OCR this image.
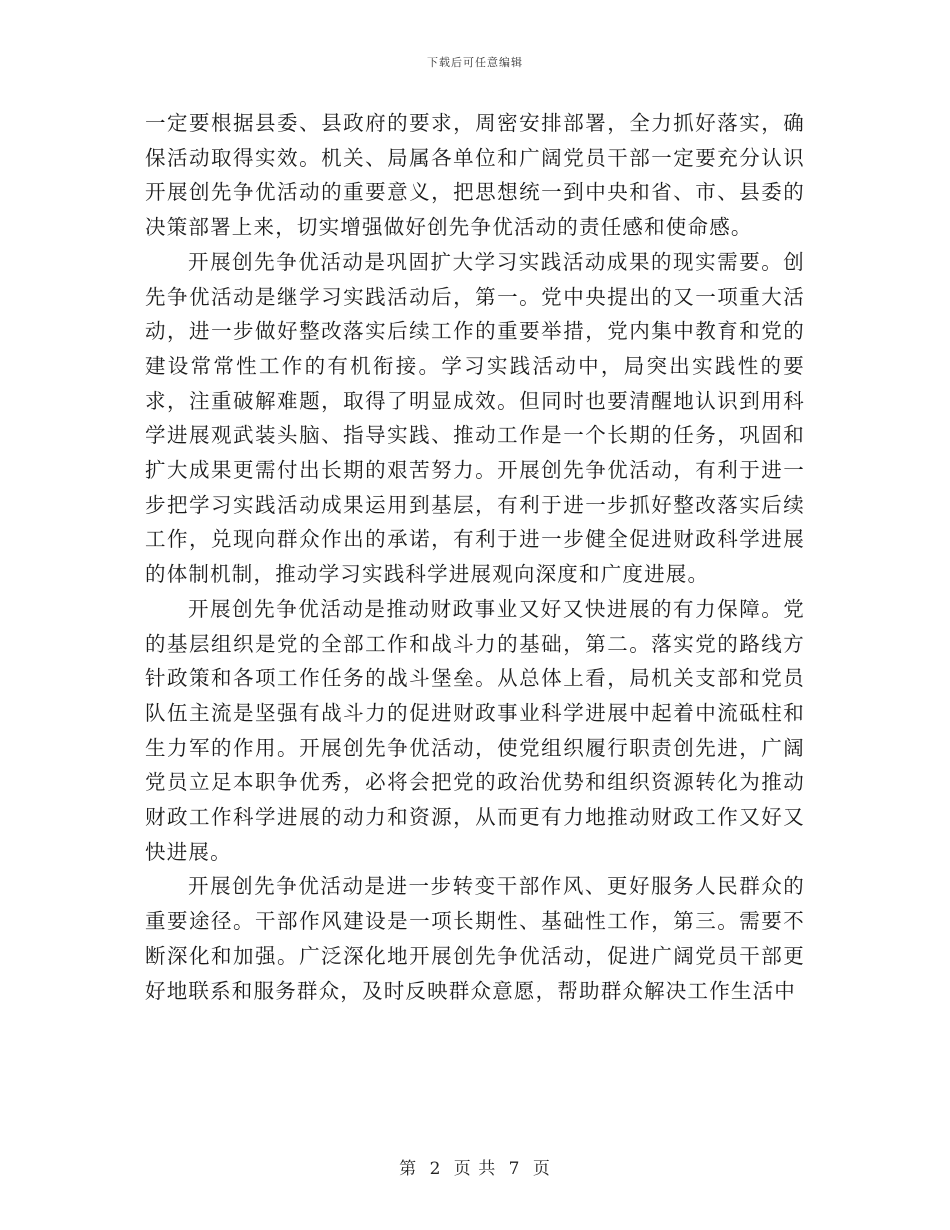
下载后可任意编辑

一定要根据县委、县政府的要求，周密安排部署，全力抓好落实，确保活动取得实效。机关、局属各单位和广阔党员干部一定要充分认识开展创先争优活动的重要意义，把思想统一到中央和省、市、县委的决策部署上来，切实增强做好创先争优活动的责任感和使命感。

开展创先争优活动是巩固扩大学习实践活动成果的现实需要。创先争优活动是继学习实践活动后，第一。党中央提出的又一项重大活动，进一步做好整改落实后续工作的重要举措，党内集中教育和党的建设常常性工作的有机衔接。学习实践活动中，局突出实践性的要求，注重破解难题，取得了明显成效。但同时也要清醒地认识到用科学进展观武装头脑、指导实践、推动工作是一个长期的任务，巩固和扩大成果更需付出长期的艰苦努力。开展创先争优活动，有利于进一步把学习实践活动成果运用到基层，有利于进一步抓好整改落实后续工作，兑现向群众作出的承诺，有利于进一步健全促进财政科学进展的体制机制，推动学习实践科学进展观向深度和广度进展。

开展创先争优活动是推动财政事业又好又快进展的有力保障。党的基层组织是党的全部工作和战斗力的基础，第二。落实党的路线方针政策和各项工作任务的战斗堡垒。从总体上看，局机关支部和党员队伍主流是坚强有战斗力的促进财政事业科学进展中起着中流砥柱和生力军的作用。开展创先争优活动，使党组织履行职责创先进，广阔党员立足本职争优秀，必将会把党的政治优势和组织资源转化为推动财政工作科学进展的动力和资源，从而更有力地推动财政工作又好又快进展。

开展创先争优活动是进一步转变干部作风、更好服务人民群众的重要途径。干部作风建设是一项长期性、基础性工作，第三。需要不断深化和加强。广泛深化地开展创先争优活动，促进广阔党员干部更好地联系和服务群众，及时反映群众意愿，帮助群众解决工作生活中

第 2 页 共 7 页
